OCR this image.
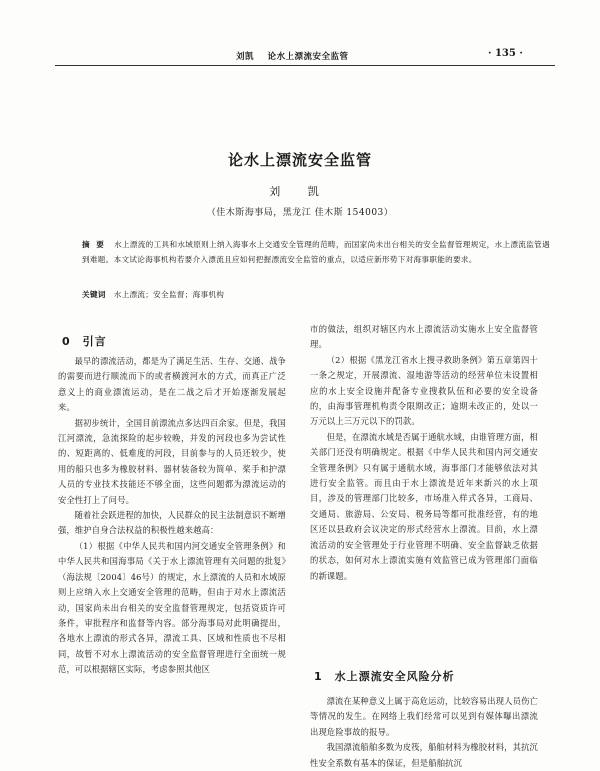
刘凯 论水上漂流安全监管	· 135 ·
论水上漂流安全监管
刘 凯
（佳木斯海事局，黑龙江 佳木斯 154003）
摘 要 水上漂流的工具和水域原则上纳入海事水上交通安全管理的范畴，而国家尚未出台相关的安全监督管理规定，水上漂流监管遇到难题。本文试论海事机构若要介入漂流且应如何把握漂流安全监管的重点，以适应新形势下对海事职能的要求。
关键词 水上漂流；安全监督；海事机构
0 引言

最早的漂流活动，都是为了满足生活、生存、交通、战争的需要而进行顺流而下的或者横渡河水的方式，而真正广泛意义上的商业漂流运动，是在二战之后才开始逐渐发展起来。

据初步统计，全国目前漂流点多达四百余家。但是，我国江河漂流，急流探险的起步较晚，并发的河段也多为尝试性的、短距离的、低难度的河段，目前参与的人员还较少，使用的船只也多为橡胶材料、器材装备较为简单、桨手和护漂人员的专业技术技能还不够全面，这些问题都为漂流运动的安全性打上了问号。

随着社会跃进程的加快，人民群众的民主法制意识不断增强，维护自身合法权益的积极性越来越高：

（1）根据《中华人民共和国内河交通安全管理条例》和中华人民共和国海事局《关于水上漂流管理有关问题的批复》（海法规〔2004〕46号）的规定，水上漂流的人员和水域原则上应纳入水上交通安全管理的范畴，但由于对水上漂流活动，国家尚未出台相关的安全监督管理规定，包括资质许可条件，审批程序和监督等内容。部分海事局对此明确提出，各地水上漂流的形式各异，漂流工具、区域和性质也不尽相同，故暂不对水上漂流活动的安全监督管理进行全面统一规范，可以根据辖区实际，考虑参照其他区

市的做法，组织对辖区内水上漂流活动实施水上安全监督管理。

（2）根据《黑龙江省水上搜寻救助条例》第五章第四十一条之规定，开展漂流、湿地游等活动的经营单位未设置相应的水上安全设施并配备专业搜救队伍和必要的安全设备的，由海事管理机构责令限期改正；逾期未改正的，处以一万元以上三万元以下的罚款。

但是，在漂流水域是否属于通航水域，由谁管理方面，相关部门还没有明确规定。根据《中华人民共和国内河交通安全管理条例》只有属于通航水域，海事部门才能够依法对其进行安全监管。而且由于水上漂流是近年来新兴的水上项目，涉及的管理部门比较多，市场准入样式各异，工商局、交通局、旅游局、公安局、税务局等都可批准经营，有的地区还以县政府会议决定的形式经营水上漂流。目前，水上漂流活动的安全管理处于行业管理不明确、安全监督缺乏依据的状态，如何对水上漂流实施有效监管已成为管理部门面临的新课题。

1 水上漂流安全风险分析

漂流在某种意义上属于高危运动，比较容易出现人员伤亡等情况的发生。在网络上我们经常可以见到有媒体曝出漂流出现危险事故的报导。

我国漂流船舶多数为皮筏，船舶材料为橡胶材料，其抗沉性安全系数有基本的保证，但是船舶抗沉
